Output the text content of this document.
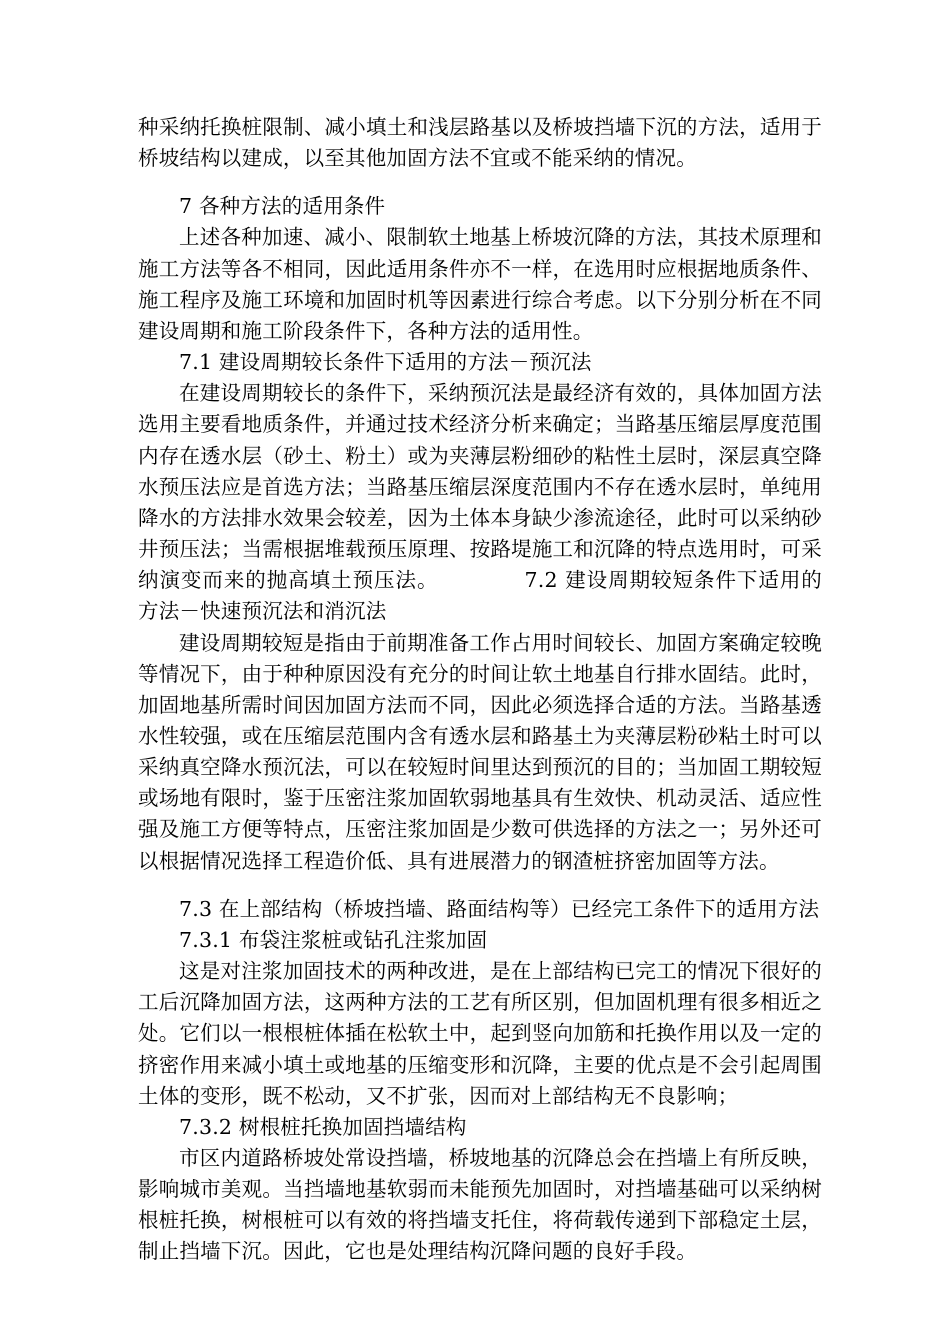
种采纳托换桩限制、减小填土和浅层路基以及桥坡挡墙下沉的方法，适用于桥坡结构以建成，以至其他加固方法不宜或不能采纳的情况。

7 各种方法的适用条件

上述各种加速、减小、限制软土地基上桥坡沉降的方法，其技术原理和施工方法等各不相同，因此适用条件亦不一样，在选用时应根据地质条件、施工程序及施工环境和加固时机等因素进行综合考虑。以下分别分析在不同建设周期和施工阶段条件下，各种方法的适用性。

7.1 建设周期较长条件下适用的方法－预沉法

在建设周期较长的条件下，采纳预沉法是最经济有效的，具体加固方法选用主要看地质条件，并通过技术经济分析来确定；当路基压缩层厚度范围内存在透水层（砂土、粉土）或为夹薄层粉细砂的粘性土层时，深层真空降水预压法应是首选方法；当路基压缩层深度范围内不存在透水层时，单纯用降水的方法排水效果会较差，因为土体本身缺少渗流途径，此时可以采纳砂井预压法；当需根据堆载预压原理、按路堤施工和沉降的特点选用时，可采纳演变而来的抛高填土预压法。	7.2 建设周期较短条件下适用的方法－快速预沉法和消沉法

建设周期较短是指由于前期准备工作占用时间较长、加固方案确定较晚等情况下，由于种种原因没有充分的时间让软土地基自行排水固结。此时，加固地基所需时间因加固方法而不同，因此必须选择合适的方法。当路基透水性较强，或在压缩层范围内含有透水层和路基土为夹薄层粉砂粘土时可以采纳真空降水预沉法，可以在较短时间里达到预沉的目的；当加固工期较短或场地有限时，鉴于压密注浆加固软弱地基具有生效快、机动灵活、适应性强及施工方便等特点，压密注浆加固是少数可供选择的方法之一；另外还可以根据情况选择工程造价低、具有进展潜力的钢渣桩挤密加固等方法。

7.3 在上部结构（桥坡挡墙、路面结构等）已经完工条件下的适用方法

7.3.1 布袋注浆桩或钻孔注浆加固

这是对注浆加固技术的两种改进，是在上部结构已完工的情况下很好的工后沉降加固方法，这两种方法的工艺有所区别，但加固机理有很多相近之处。它们以一根根桩体插在松软土中，起到竖向加筋和托换作用以及一定的挤密作用来减小填土或地基的压缩变形和沉降，主要的优点是不会引起周围土体的变形，既不松动，又不扩张，因而对上部结构无不良影响；

7.3.2 树根桩托换加固挡墙结构

市区内道路桥坡处常设挡墙，桥坡地基的沉降总会在挡墙上有所反映，影响城市美观。当挡墙地基软弱而未能预先加固时，对挡墙基础可以采纳树根桩托换，树根桩可以有效的将挡墙支托住，将荷载传递到下部稳定土层，制止挡墙下沉。因此，它也是处理结构沉降问题的良好手段。
